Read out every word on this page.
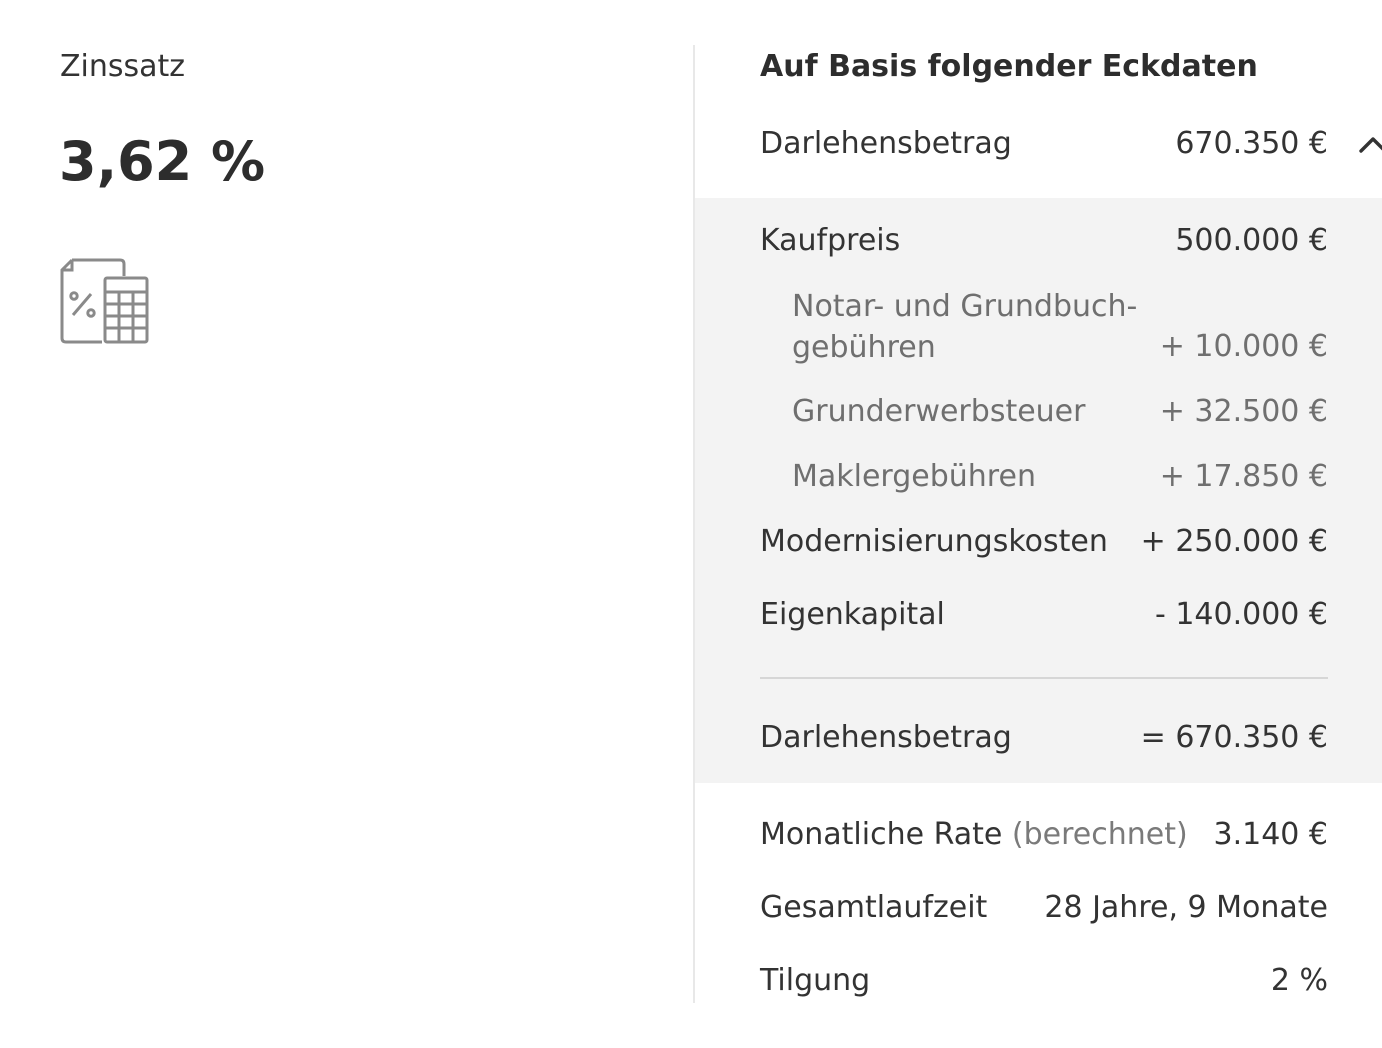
Zinssatz
3,62 %
Auf Basis folgender Eckdaten
Darlehensbetrag	670.350 €
Kaufpreis	500.000 €
Notar- und Grundbuch-
gebühren	+ 10.000 €
Grunderwerbsteuer + 32.500 €
Maklergebühren	+ 17.850 €
Modernisierungskosten + 250.000 €
Eigenkapital	- 140.000 €
Darlehensbetrag	= 670.350 €
Monatliche Rate (berechnet) 3.140 €
Gesamtlaufzeit 28 Jahre, 9 Monate
Tilgung	2 %
